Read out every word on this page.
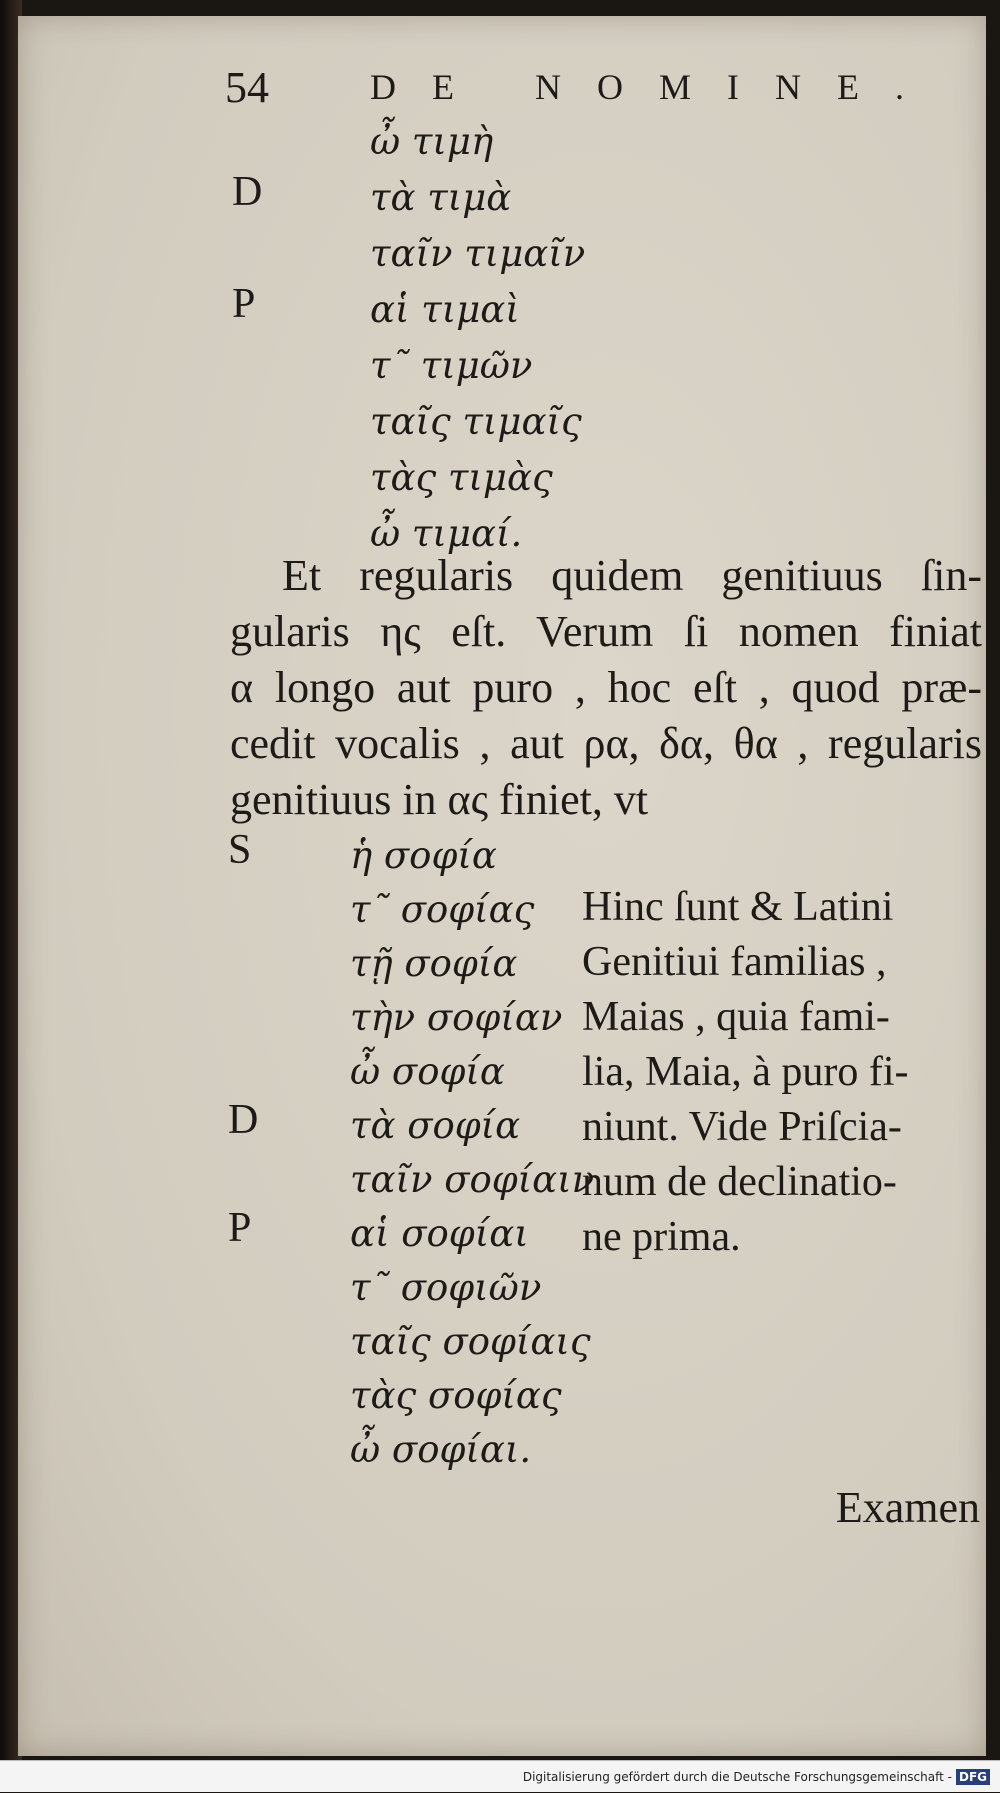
54	DE NOMINE.
ὦ τιμὴ
D	τὰ τιμὰ
ταῖν τιμαῖν
P	αἱ τιμαὶ
τ῀ τιμῶν
ταῖς τιμαῖς
τὰς τιμὰς
ὦ τιμαί.
Et regularis quidem genitiuus ſin-
gularis ης eſt. Verum ſi nomen finiat
α longo aut puro , hoc eſt , quod præ-
cedit vocalis , aut ρα, δα, θα , regularis
genitiuus in ας finiet, vt
S	ἡ σοφία
τ῀ σοφίας
τῇ σοφία
τὴν σοφίαν
ὦ σοφία
D τὰ σοφία
ταῖν σοφίαιν
P	αἱ σοφίαι
τ῀ σοφιῶν
ταῖς σοφίαις
τὰς σοφίας
ὦ σοφίαι.
Hinc ſunt & Latini
Genitiui familias ,
Maias , quia fami-
lia, Maia, à puro fi-
niunt. Vide Priſcia-
num de declinatio-
ne prima.
Examen
Digitalisierung gefördert durch die Deutsche Forschungsgemeinschaft - DFG
